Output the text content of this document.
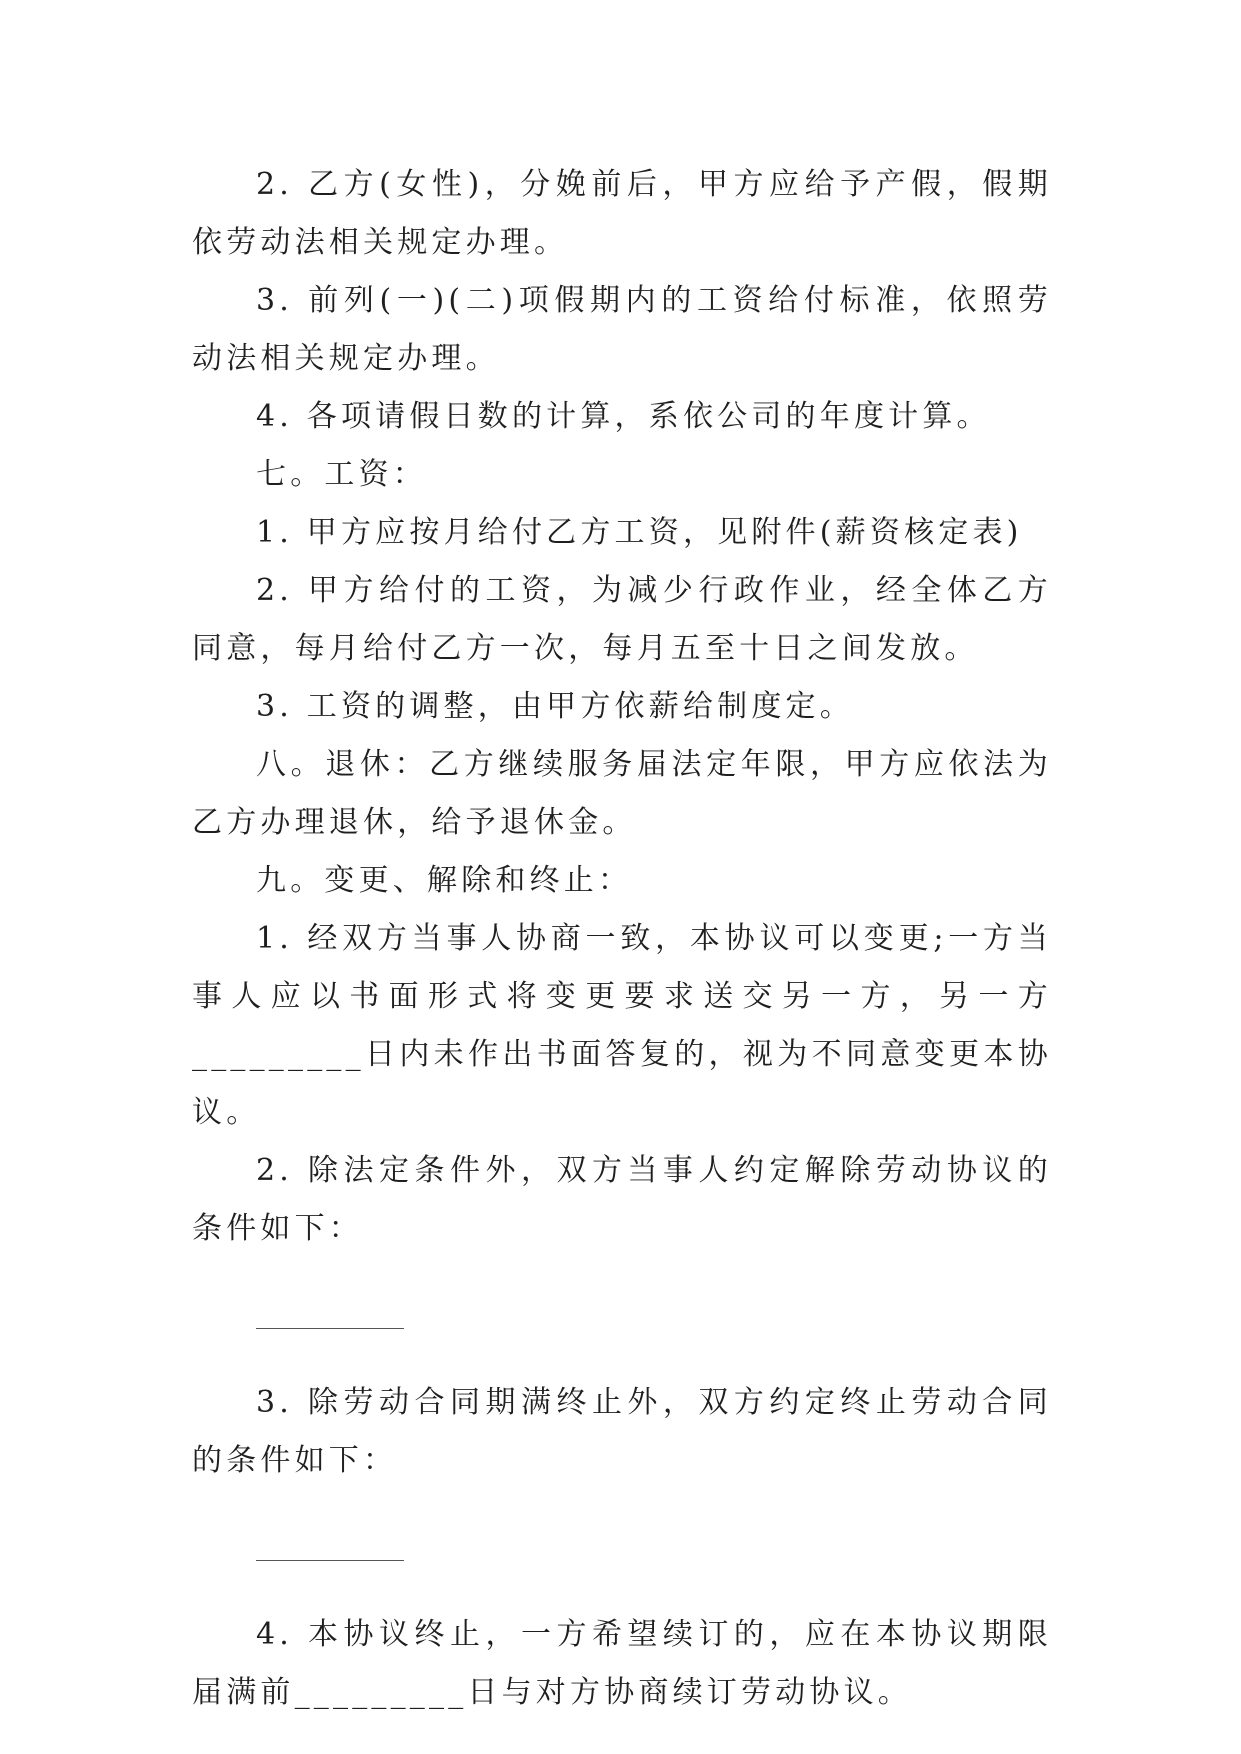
2. 乙方(女性)，分娩前后，甲方应给予产假，假期依劳动法相关规定办理。

3. 前列(一)(二)项假期内的工资给付标准，依照劳动法相关规定办理。

4. 各项请假日数的计算，系依公司的年度计算。

七。工资：

1. 甲方应按月给付乙方工资，见附件(薪资核定表)

2. 甲方给付的工资，为减少行政作业，经全体乙方同意，每月给付乙方一次，每月五至十日之间发放。

3. 工资的调整，由甲方依薪给制度定。

八。退休：乙方继续服务届法定年限，甲方应依法为乙方办理退休，给予退休金。

九。变更、解除和终止：

1. 经双方当事人协商一致，本协议可以变更;一方当事人应以书面形式将变更要求送交另一方，另一方_________日内未作出书面答复的，视为不同意变更本协议。

2. 除法定条件外，双方当事人约定解除劳动协议的条件如下：

3. 除劳动合同期满终止外，双方约定终止劳动合同的条件如下：

4. 本协议终止，一方希望续订的，应在本协议期限届满前_________日与对方协商续订劳动协议。
